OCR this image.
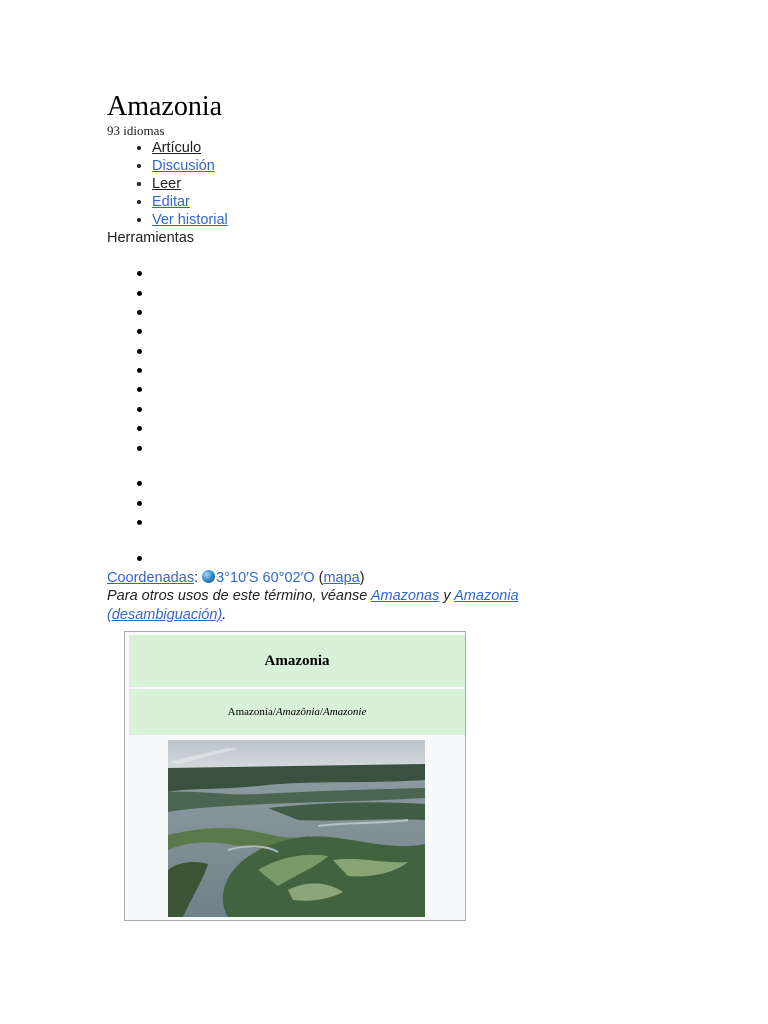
Amazonia
93 idiomas
• Artículo
• Discusión
• Leer
• Editar
• Ver historial
Herramientas
Coordenadas: 3°10′S 60°02′O (mapa)
Para otros usos de este término, véanse Amazonas y Amazonia (desambiguación).
Amazonia
Amazonía/ Amazônia / Amazonie
